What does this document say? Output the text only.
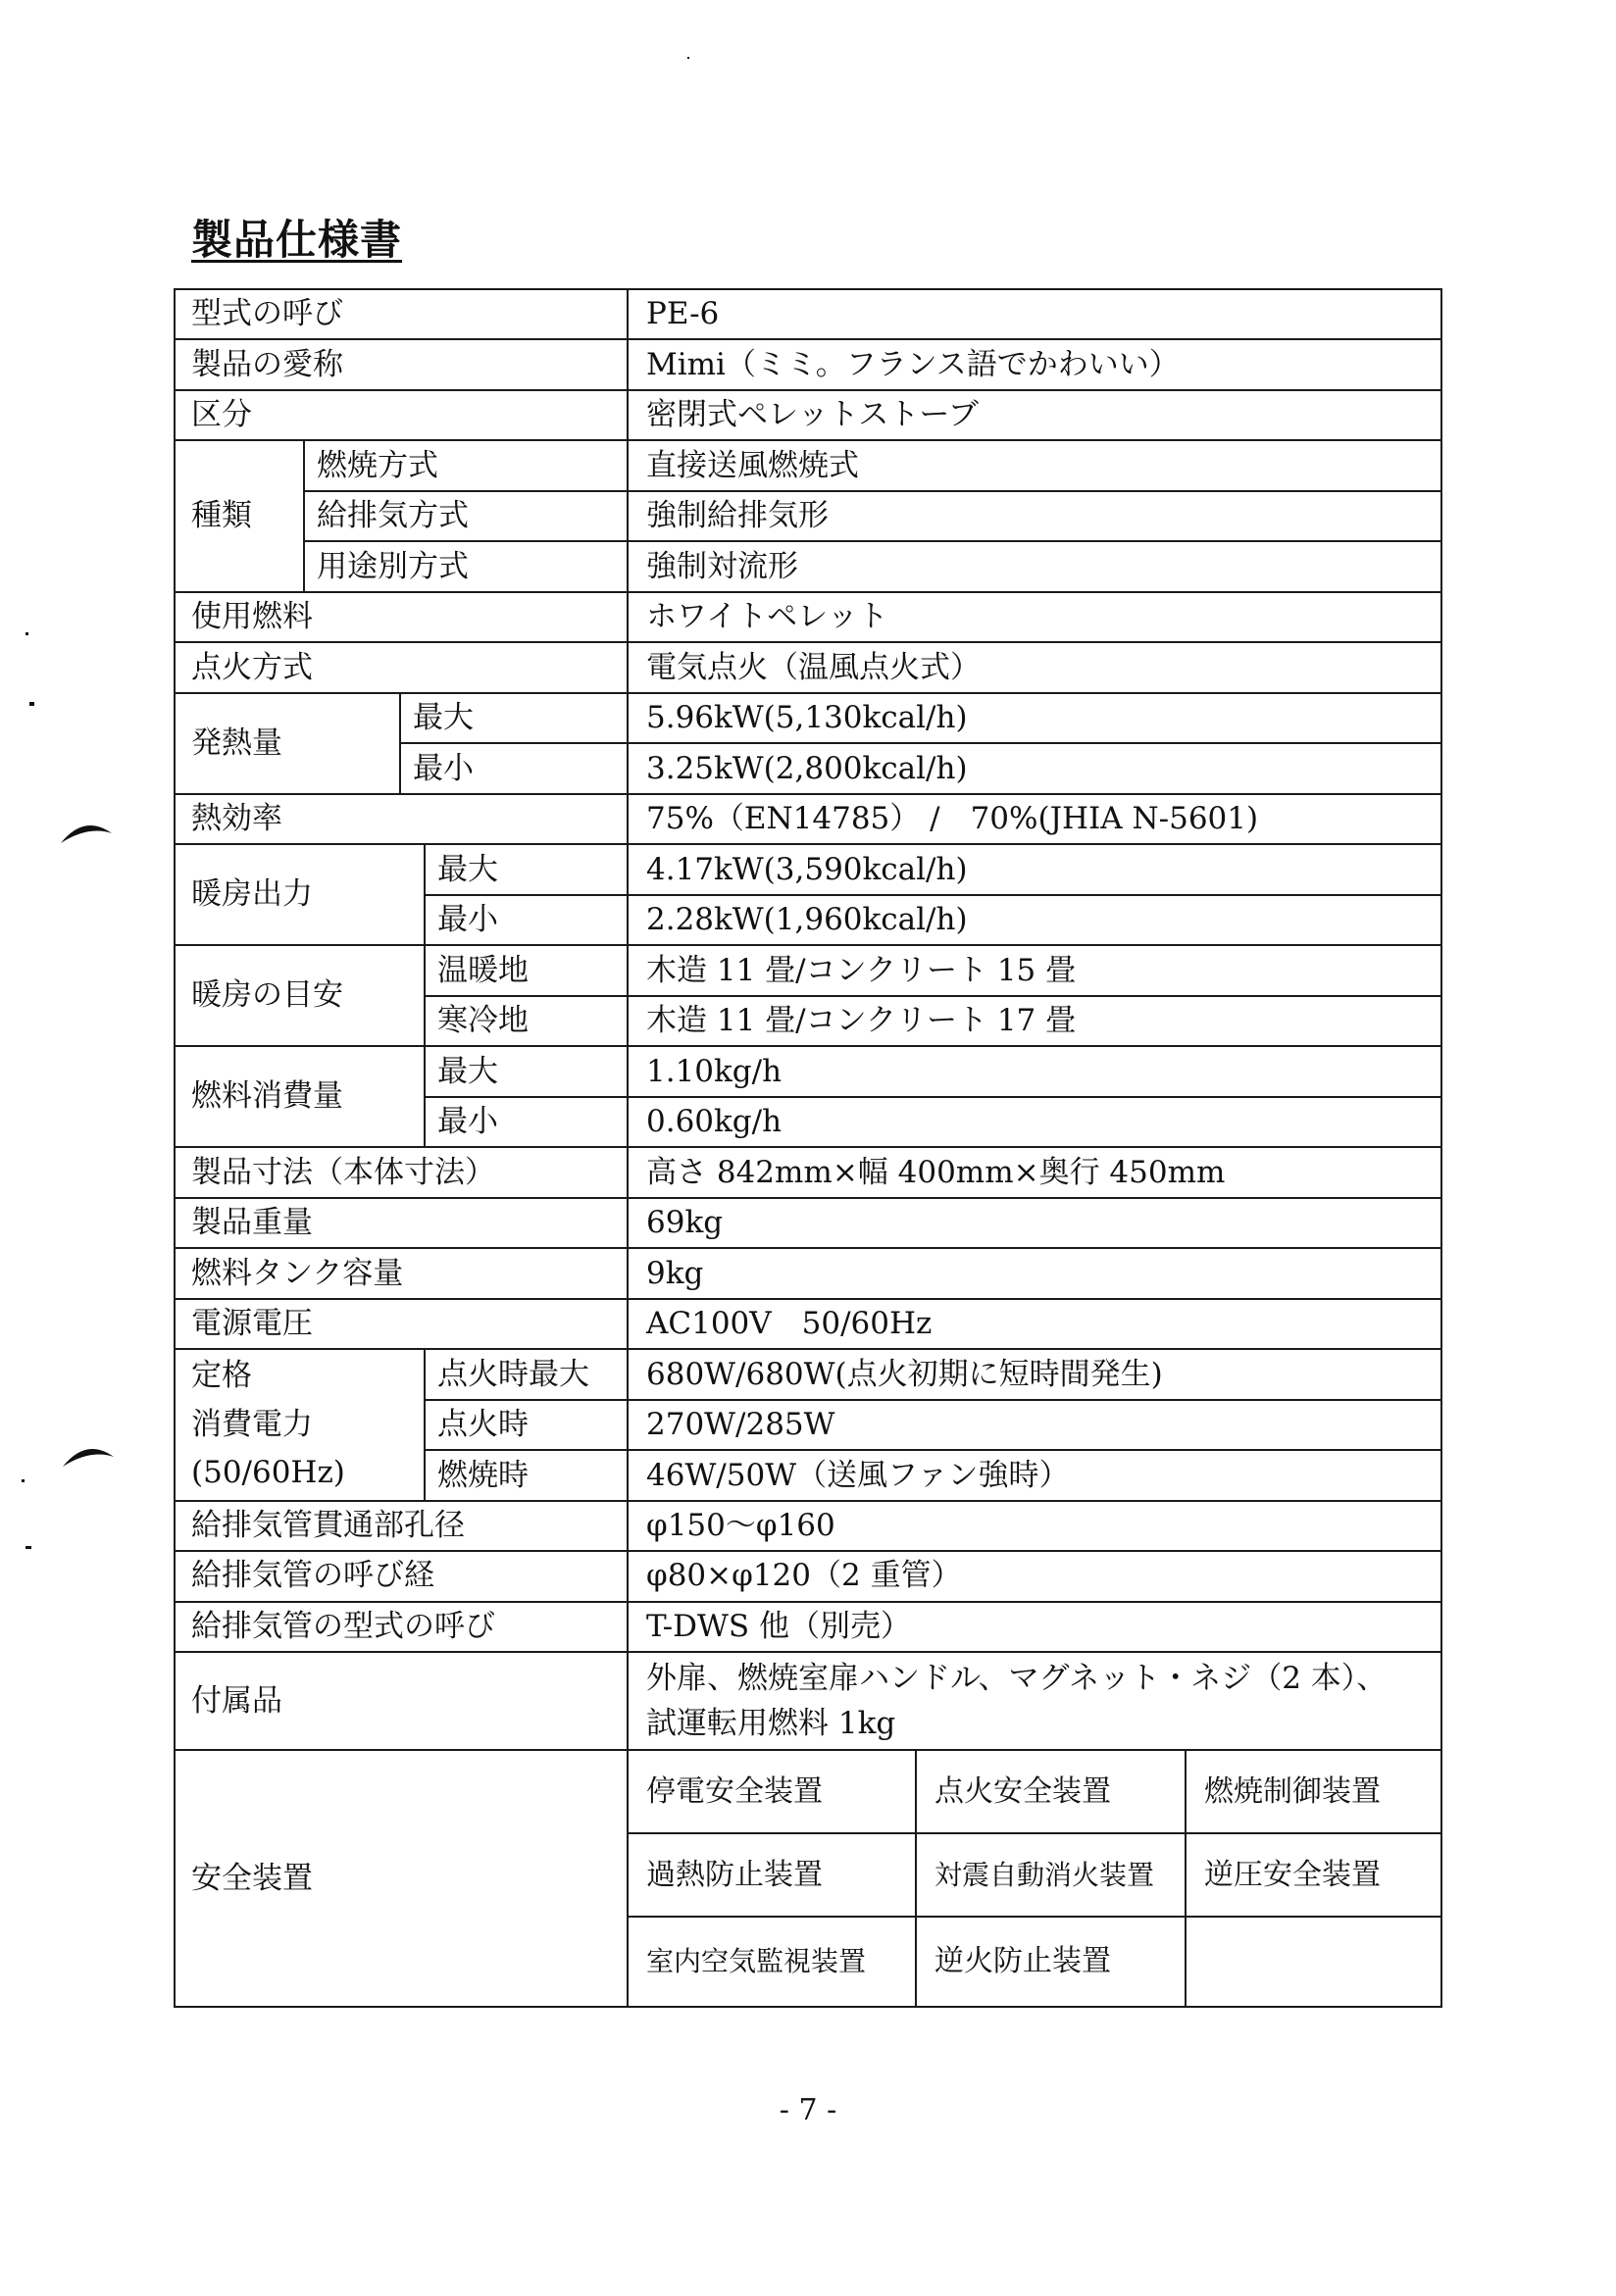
製品仕様書
型式の呼び				PE-6		
製品の愛称				Mimi（ミミ。フランス語でかわいい）		
区分				密閉式ペレットストーブ		
種類	燃焼方式			直接送風燃焼式		
	給排気方式			強制給排気形		
	用途別方式			強制対流形		
使用燃料				ホワイトペレット		
点火方式				電気点火（温風点火式）		
発熱量		最大		5.96kW(5,130kcal/h)		
		最小		3.25kW(2,800kcal/h)		
熱効率				75%（EN14785） /　70%(JHIA N-5601)		
暖房出力			最大	4.17kW(3,590kcal/h)		
			最小	2.28kW(1,960kcal/h)		
暖房の目安			温暖地	木造 11 畳/コンクリート 15 畳		
			寒冷地	木造 11 畳/コンクリート 17 畳		
燃料消費量			最大	1.10kg/h		
			最小	0.60kg/h		
製品寸法（本体寸法）				高さ 842mm×幅 400mm×奥行 450mm		
製品重量				69kg		
燃料タンク容量				9kg		
電源電圧				AC100V　50/60Hz		

定格
消費電力
(50/60Hz)			点火時最大	680W/680W(点火初期に短時間発生)		
			点火時	270W/285W		
			燃焼時	46W/50W（送風ファン強時）		
給排気管貫通部孔径				φ150～φ160		
給排気管の呼び経				φ80×φ120（2 重管）		
給排気管の型式の呼び				T-DWS 他（別売）		
付属品				外扉、燃焼室扉ハンドル、マグネット・ネジ（2 本）、
試運転用燃料 1kg		

安全装置				停電安全装置	点火安全装置	燃焼制御装置
				過熱防止装置	対震自動消火装置	逆圧安全装置
				室内空気監視装置	逆火防止装置	
- 7 -
